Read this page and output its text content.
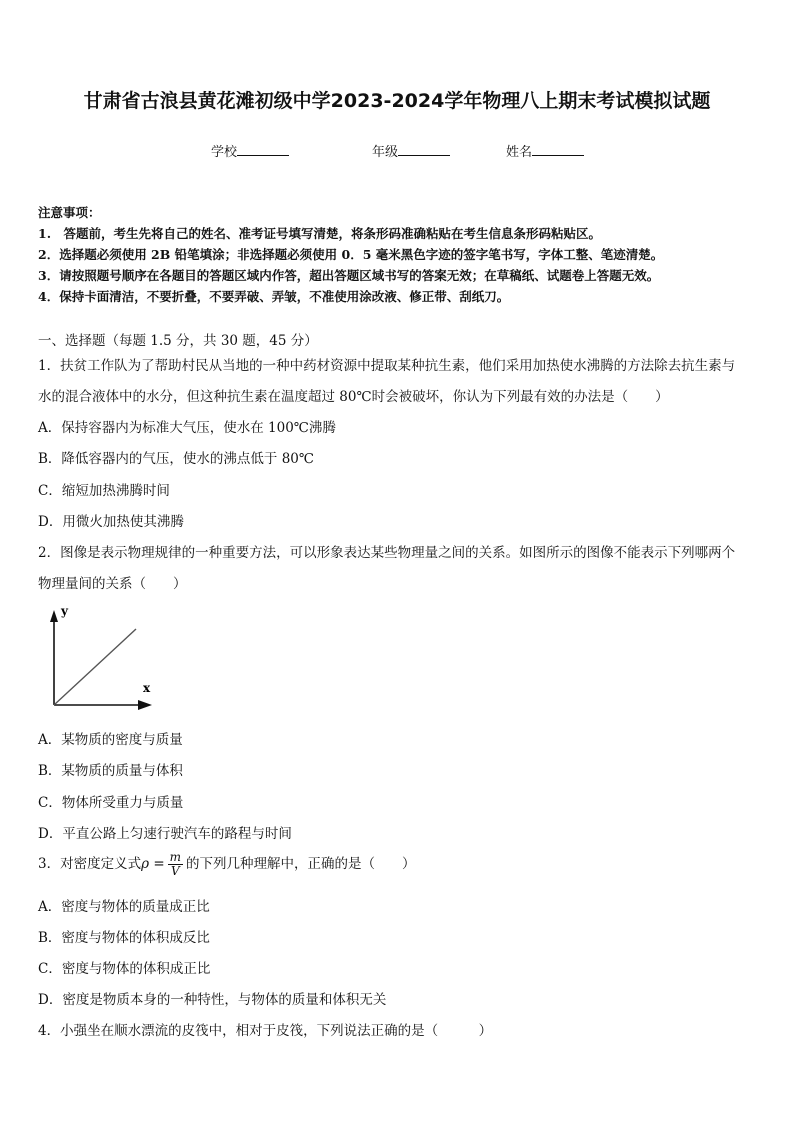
甘肃省古浪县黄花滩初级中学2023-2024学年物理八上期末考试模拟试题
学校	年级	姓名
注意事项：
1.　答题前，考生先将自己的姓名、准考证号填写清楚，将条形码准确粘贴在考生信息条形码粘贴区。
2．选择题必须使用 2B 铅笔填涂；非选择题必须使用 0．5 毫米黑色字迹的签字笔书写，字体工整、笔迹清楚。
3．请按照题号顺序在各题目的答题区域内作答，超出答题区域书写的答案无效；在草稿纸、试题卷上答题无效。
4．保持卡面清洁，不要折叠，不要弄破、弄皱，不准使用涂改液、修正带、刮纸刀。
一、选择题（每题 1.5 分，共 30 题，45 分）
1．扶贫工作队为了帮助村民从当地的一种中药材资源中提取某种抗生素，他们采用加热使水沸腾的方法除去抗生素与
水的混合液体中的水分，但这种抗生素在温度超过 80℃时会被破坏，你认为下列最有效的办法是（　　）
A．保持容器内为标准大气压，使水在 100℃沸腾
B．降低容器内的气压，使水的沸点低于 80℃
C．缩短加热沸腾时间
D．用微火加热使其沸腾
2．图像是表示物理规律的一种重要方法，可以形象表达某些物理量之间的关系。如图所示的图像不能表示下列哪两个
物理量间的关系（　　）
y
x
A．某物质的密度与质量
B．某物质的质量与体积
C．物体所受重力与质量
D．平直公路上匀速行驶汽车的路程与时间
3．对密度定义式$\rho = \frac{m}{V}$ 的下列几种理解中，正确的是（　　）
A．密度与物体的质量成正比
B．密度与物体的体积成反比
C．密度与物体的体积成正比
D．密度是物质本身的一种特性，与物体的质量和体积无关
4．小强坐在顺水漂流的皮筏中，相对于皮筏，下列说法正确的是（　　　）
